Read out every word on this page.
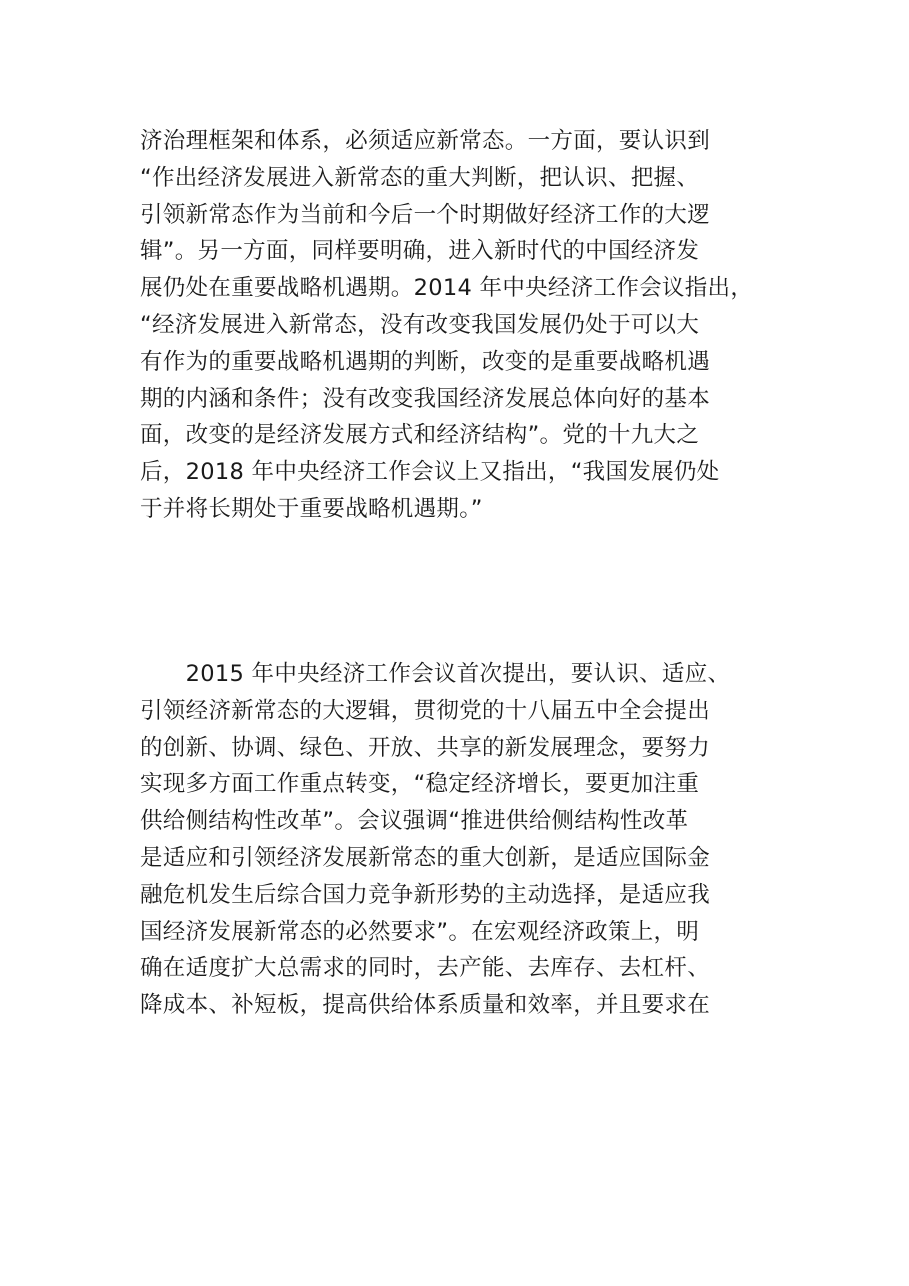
济治理框架和体系，必须适应新常态。一方面，要认识到
“作出经济发展进入新常态的重大判断，把认识、把握、
引领新常态作为当前和今后一个时期做好经济工作的大逻
辑”。另一方面，同样要明确，进入新时代的中国经济发
展仍处在重要战略机遇期。2014 年中央经济工作会议指出，
“经济发展进入新常态，没有改变我国发展仍处于可以大
有作为的重要战略机遇期的判断，改变的是重要战略机遇
期的内涵和条件；没有改变我国经济发展总体向好的基本
面，改变的是经济发展方式和经济结构”。党的十九大之
后，2018 年中央经济工作会议上又指出，“我国发展仍处
于并将长期处于重要战略机遇期。”
　　2015 年中央经济工作会议首次提出，要认识、适应、
引领经济新常态的大逻辑，贯彻党的十八届五中全会提出
的创新、协调、绿色、开放、共享的新发展理念，要努力
实现多方面工作重点转变，“稳定经济增长，要更加注重
供给侧结构性改革”。会议强调“推进供给侧结构性改革
是适应和引领经济发展新常态的重大创新，是适应国际金
融危机发生后综合国力竞争新形势的主动选择，是适应我
国经济发展新常态的必然要求”。在宏观经济政策上，明
确在适度扩大总需求的同时，去产能、去库存、去杠杆、
降成本、补短板，提高供给体系质量和效率，并且要求在
